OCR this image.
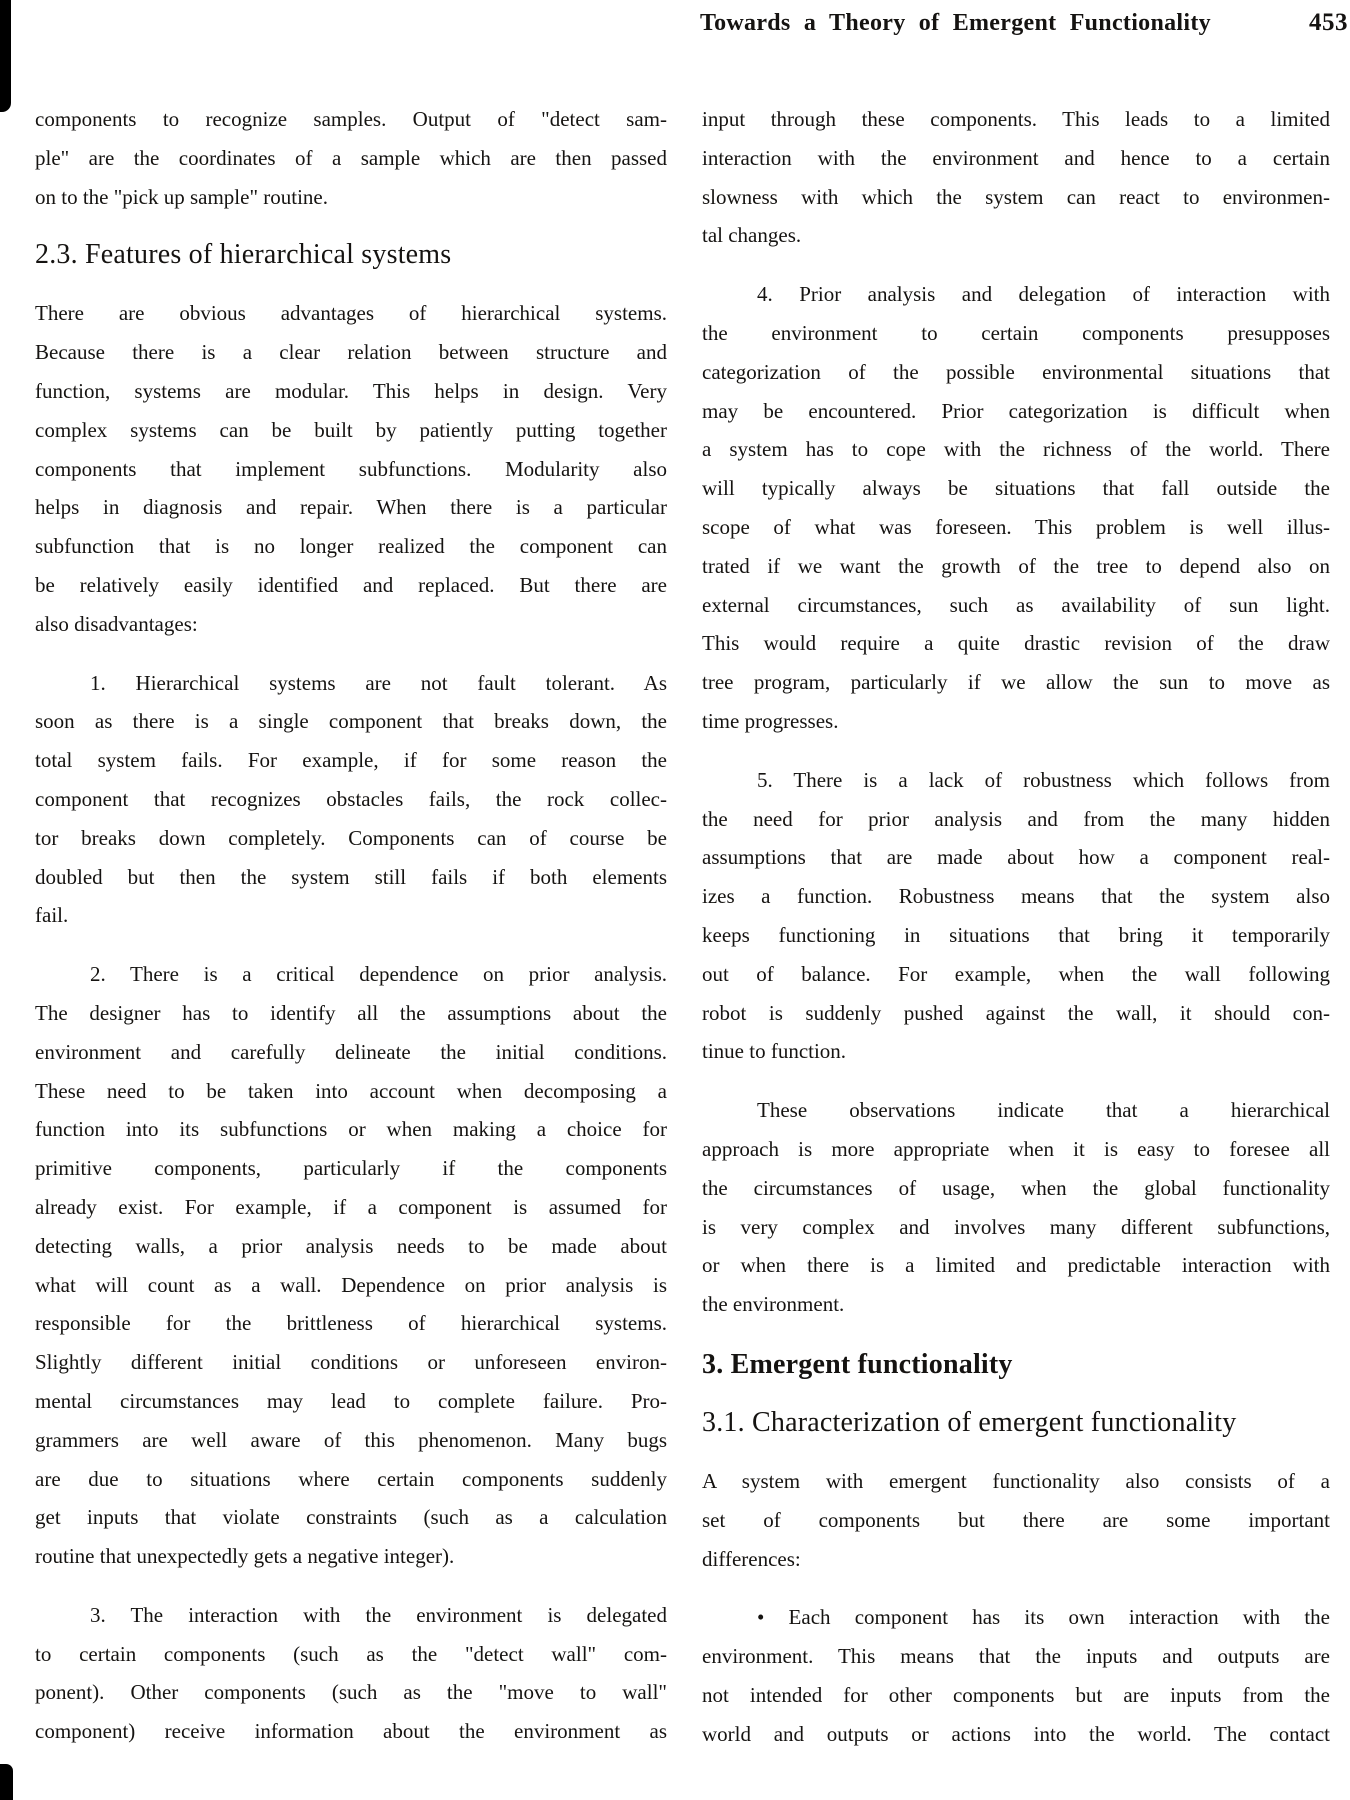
Towards a Theory of Emergent Functionality	453
components to recognize samples. Output of "detect sam-
ple" are the coordinates of a sample which are then passed
on to the "pick up sample" routine.
2.3. Features of hierarchical systems
There are obvious advantages of hierarchical systems.
Because there is a clear relation between structure and
function, systems are modular. This helps in design. Very
complex systems can be built by patiently putting together
components that implement subfunctions. Modularity also
helps in diagnosis and repair. When there is a particular
subfunction that is no longer realized the component can
be relatively easily identified and replaced. But there are
also disadvantages:
1. Hierarchical systems are not fault tolerant. As
soon as there is a single component that breaks down, the
total system fails. For example, if for some reason the
component that recognizes obstacles fails, the rock collec-
tor breaks down completely. Components can of course be
doubled but then the system still fails if both elements
fail.
2. There is a critical dependence on prior analysis.
The designer has to identify all the assumptions about the
environment and carefully delineate the initial conditions.
These need to be taken into account when decomposing a
function into its subfunctions or when making a choice for
primitive components, particularly if the components
already exist. For example, if a component is assumed for
detecting walls, a prior analysis needs to be made about
what will count as a wall. Dependence on prior analysis is
responsible for the brittleness of hierarchical systems.
Slightly different initial conditions or unforeseen environ-
mental circumstances may lead to complete failure. Pro-
grammers are well aware of this phenomenon. Many bugs
are due to situations where certain components suddenly
get inputs that violate constraints (such as a calculation
routine that unexpectedly gets a negative integer).
3. The interaction with the environment is delegated
to certain components (such as the "detect wall" com-
ponent). Other components (such as the "move to wall"
component) receive information about the environment as
input through these components. This leads to a limited
interaction with the environment and hence to a certain
slowness with which the system can react to environmen-
tal changes.
4. Prior analysis and delegation of interaction with
the environment to certain components presupposes
categorization of the possible environmental situations that
may be encountered. Prior categorization is difficult when
a system has to cope with the richness of the world. There
will typically always be situations that fall outside the
scope of what was foreseen. This problem is well illus-
trated if we want the growth of the tree to depend also on
external circumstances, such as availability of sun light.
This would require a quite drastic revision of the draw
tree program, particularly if we allow the sun to move as
time progresses.
5. There is a lack of robustness which follows from
the need for prior analysis and from the many hidden
assumptions that are made about how a component real-
izes a function. Robustness means that the system also
keeps functioning in situations that bring it temporarily
out of balance. For example, when the wall following
robot is suddenly pushed against the wall, it should con-
tinue to function.
These observations indicate that a hierarchical
approach is more appropriate when it is easy to foresee all
the circumstances of usage, when the global functionality
is very complex and involves many different subfunctions,
or when there is a limited and predictable interaction with
the environment.
3. Emergent functionality
3.1. Characterization of emergent functionality
A system with emergent functionality also consists of a
set of components but there are some important
differences:
• Each component has its own interaction with the
environment. This means that the inputs and outputs are
not intended for other components but are inputs from the
world and outputs or actions into the world. The contact
